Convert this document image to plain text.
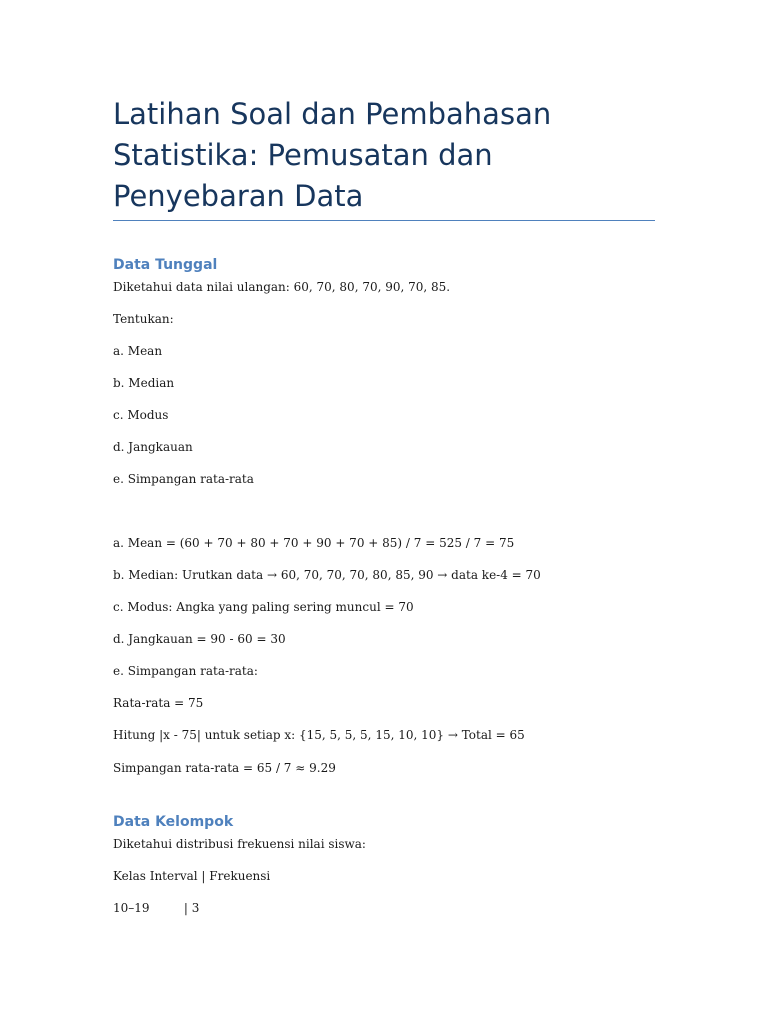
Latihan Soal dan Pembahasan Statistika: Pemusatan dan Penyebaran Data
Data Tunggal

Diketahui data nilai ulangan: 60, 70, 80, 70, 90, 70, 85.

Tentukan:

a. Mean

b. Median

c. Modus

d. Jangkauan

e. Simpangan rata-rata

a. Mean = (60 + 70 + 80 + 70 + 90 + 70 + 85) / 7 = 525 / 7 = 75

b. Median: Urutkan data → 60, 70, 70, 70, 80, 85, 90 → data ke-4 = 70

c. Modus: Angka yang paling sering muncul = 70

d. Jangkauan = 90 - 60 = 30

e. Simpangan rata-rata:

Rata-rata = 75

Hitung |x - 75| untuk setiap x: {15, 5, 5, 5, 15, 10, 10} → Total = 65

Simpangan rata-rata = 65 / 7 ≈ 9.29

Data Kelompok

Diketahui distribusi frekuensi nilai siswa:

Kelas Interval | Frekuensi

10–19         | 3
